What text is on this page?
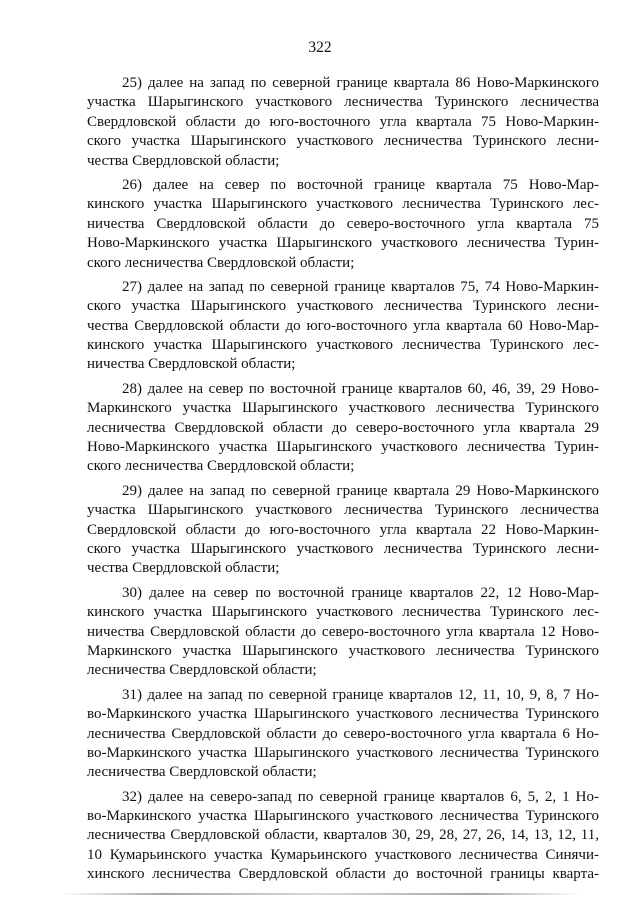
322
25) далее на запад по северной границе квартала 86 Ново-Маркинского
участка Шарыгинского участкового лесничества Туринского лесничества
Свердловской области до юго-восточного угла квартала 75 Ново-Маркин-
ского участка Шарыгинского участкового лесничества Туринского лесни-
чества Свердловской области;
26) далее на север по восточной границе квартала 75 Ново-Мар-
кинского участка Шарыгинского участкового лесничества Туринского лес-
ничества Свердловской области до северо-восточного угла квартала 75
Ново-Маркинского участка Шарыгинского участкового лесничества Турин-
ского лесничества Свердловской области;
27) далее на запад по северной границе кварталов 75, 74 Ново-Маркин-
ского участка Шарыгинского участкового лесничества Туринского лесни-
чества Свердловской области до юго-восточного угла квартала 60 Ново-Мар-
кинского участка Шарыгинского участкового лесничества Туринского лес-
ничества Свердловской области;
28) далее на север по восточной границе кварталов 60, 46, 39, 29 Ново-
Маркинского участка Шарыгинского участкового лесничества Туринского
лесничества Свердловской области до северо-восточного угла квартала 29
Ново-Маркинского участка Шарыгинского участкового лесничества Турин-
ского лесничества Свердловской области;
29) далее на запад по северной границе квартала 29 Ново-Маркинского
участка Шарыгинского участкового лесничества Туринского лесничества
Свердловской области до юго-восточного угла квартала 22 Ново-Маркин-
ского участка Шарыгинского участкового лесничества Туринского лесни-
чества Свердловской области;
30) далее на север по восточной границе кварталов 22, 12 Ново-Мар-
кинского участка Шарыгинского участкового лесничества Туринского лес-
ничества Свердловской области до северо-восточного угла квартала 12 Ново-
Маркинского участка Шарыгинского участкового лесничества Туринского
лесничества Свердловской области;
31) далее на запад по северной границе кварталов 12, 11, 10, 9, 8, 7 Но-
во-Маркинского участка Шарыгинского участкового лесничества Туринского
лесничества Свердловской области до северо-восточного угла квартала 6 Но-
во-Маркинского участка Шарыгинского участкового лесничества Туринского
лесничества Свердловской области;
32) далее на северо-запад по северной границе кварталов 6, 5, 2, 1 Но-
во-Маркинского участка Шарыгинского участкового лесничества Туринского
лесничества Свердловской области, кварталов 30, 29, 28, 27, 26, 14, 13, 12, 11,
10 Кумарьинского участка Кумарьинского участкового лесничества Синячи-
хинского лесничества Свердловской области до восточной границы кварта-
